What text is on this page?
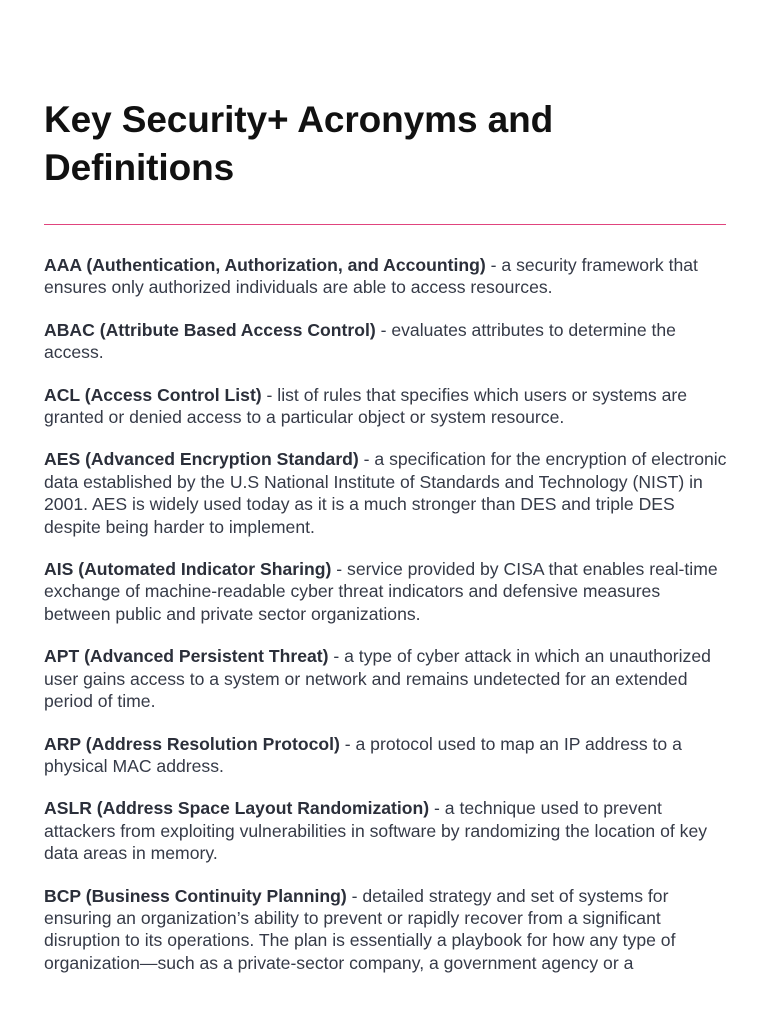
Key Security+ Acronyms and Definitions

AAA (Authentication, Authorization, and Accounting) - a security framework that ensures only authorized individuals are able to access resources.

ABAC (Attribute Based Access Control) - evaluates attributes to determine the access.

ACL (Access Control List) - list of rules that specifies which users or systems are granted or denied access to a particular object or system resource.

AES (Advanced Encryption Standard) - a specification for the encryption of electronic data established by the U.S National Institute of Standards and Technology (NIST) in 2001. AES is widely used today as it is a much stronger than DES and triple DES despite being harder to implement.

AIS (Automated Indicator Sharing) - service provided by CISA that enables real-time exchange of machine-readable cyber threat indicators and defensive measures between public and private sector organizations.

APT (Advanced Persistent Threat) - a type of cyber attack in which an unauthorized user gains access to a system or network and remains undetected for an extended period of time.

ARP (Address Resolution Protocol) - a protocol used to map an IP address to a physical MAC address.

ASLR (Address Space Layout Randomization) - a technique used to prevent attackers from exploiting vulnerabilities in software by randomizing the location of key data areas in memory.

BCP (Business Continuity Planning) - detailed strategy and set of systems for ensuring an organization’s ability to prevent or rapidly recover from a significant disruption to its operations. The plan is essentially a playbook for how any type of organization—such as a private-sector company, a government agency or a
